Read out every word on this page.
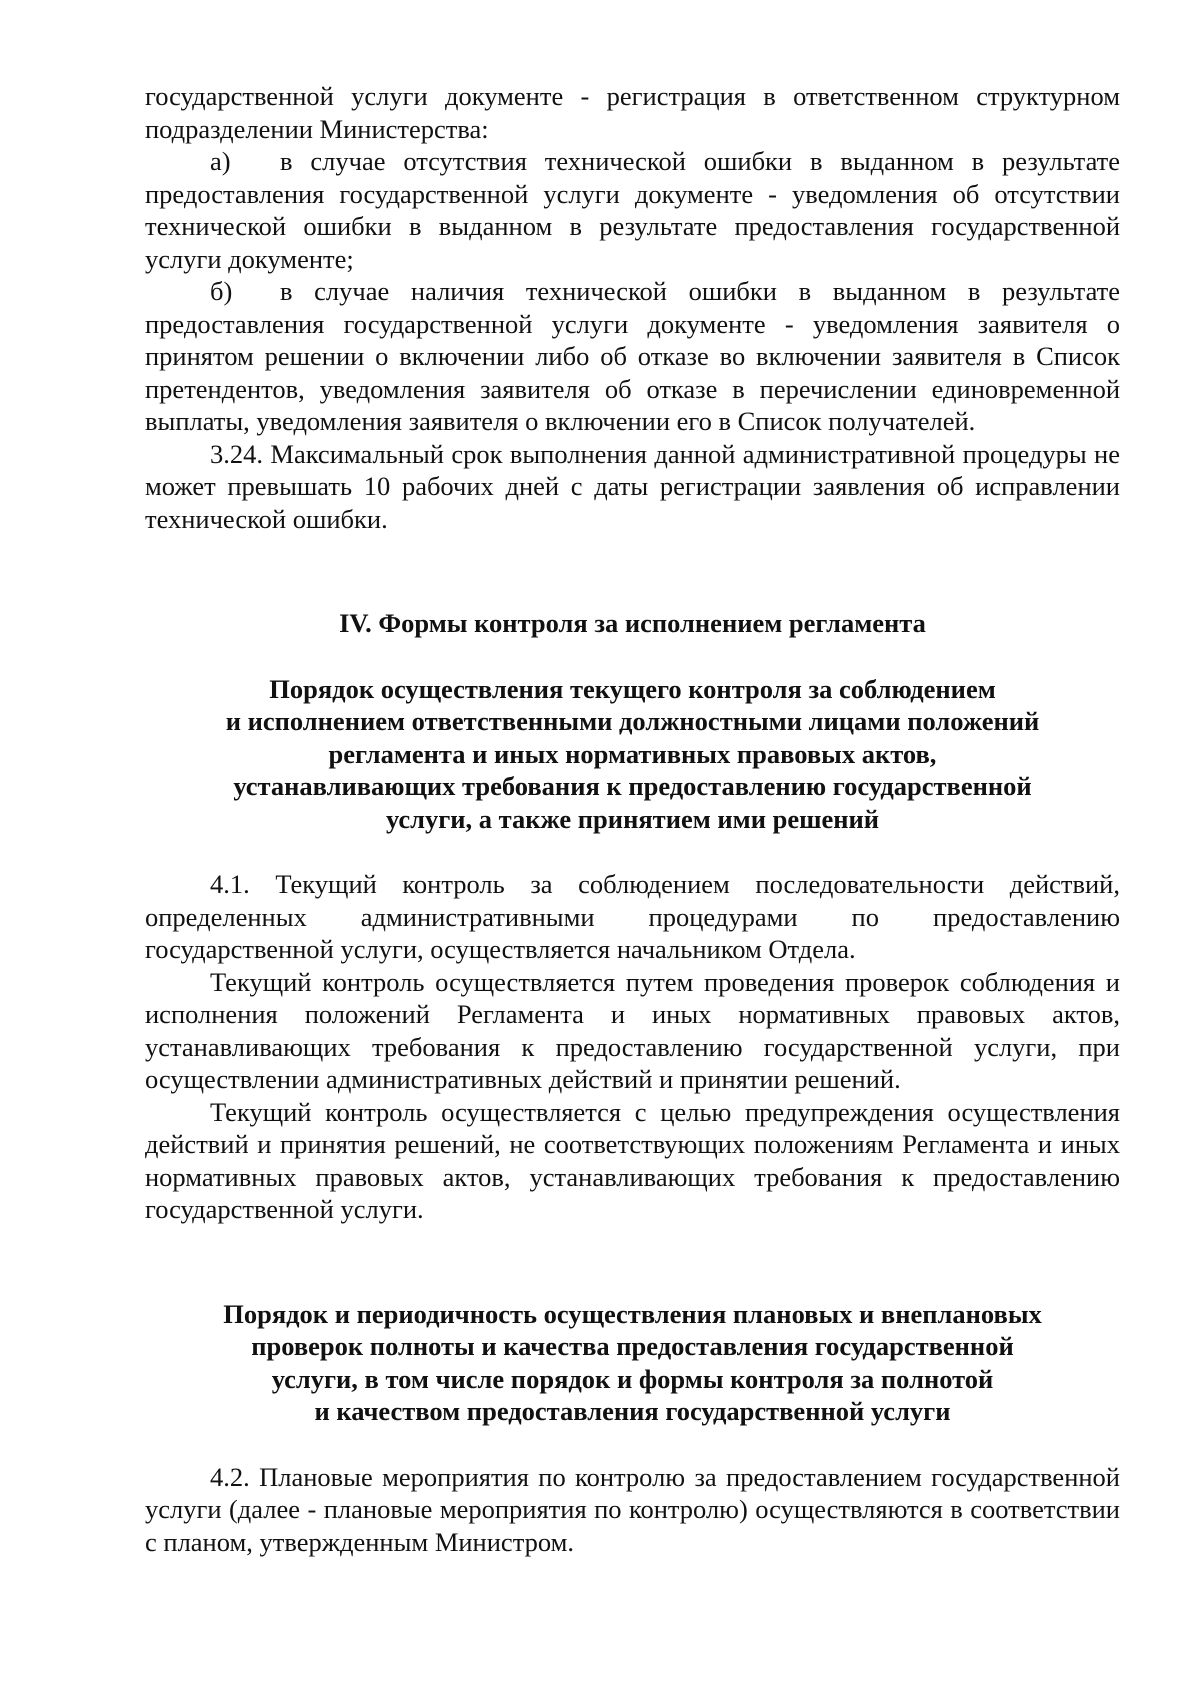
государственной услуги документе - регистрация в ответственном структурном подразделении Министерства:

а) в случае отсутствия технической ошибки в выданном в результате предоставления государственной услуги документе - уведомления об отсутствии технической ошибки в выданном в результате предоставления государственной услуги документе;

б) в случае наличия технической ошибки в выданном в результате предоставления государственной услуги документе - уведомления заявителя о принятом решении о включении либо об отказе во включении заявителя в Список претендентов, уведомления заявителя об отказе в перечислении единовременной выплаты, уведомления заявителя о включении его в Список получателей.

3.24. Максимальный срок выполнения данной административной процедуры не может превышать 10 рабочих дней с даты регистрации заявления об исправлении технической ошибки.

IV. Формы контроля за исполнением регламента
Порядок осуществления текущего контроля за соблюдением
и исполнением ответственными должностными лицами положений
регламента и иных нормативных правовых актов,
устанавливающих требования к предоставлению государственной
услуги, а также принятием ими решений

4.1. Текущий контроль за соблюдением последовательности действий, определенных административными процедурами по предоставлению государственной услуги, осуществляется начальником Отдела.

Текущий контроль осуществляется путем проведения проверок соблюдения и исполнения положений Регламента и иных нормативных правовых актов, устанавливающих требования к предоставлению государственной услуги, при осуществлении административных действий и принятии решений.

Текущий контроль осуществляется с целью предупреждения осуществления действий и принятия решений, не соответствующих положениям Регламента и иных нормативных правовых актов, устанавливающих требования к предоставлению государственной услуги.

Порядок и периодичность осуществления плановых и внеплановых
проверок полноты и качества предоставления государственной
услуги, в том числе порядок и формы контроля за полнотой
и качеством предоставления государственной услуги

4.2. Плановые мероприятия по контролю за предоставлением государственной услуги (далее - плановые мероприятия по контролю) осуществляются в соответствии с планом, утвержденным Министром.
